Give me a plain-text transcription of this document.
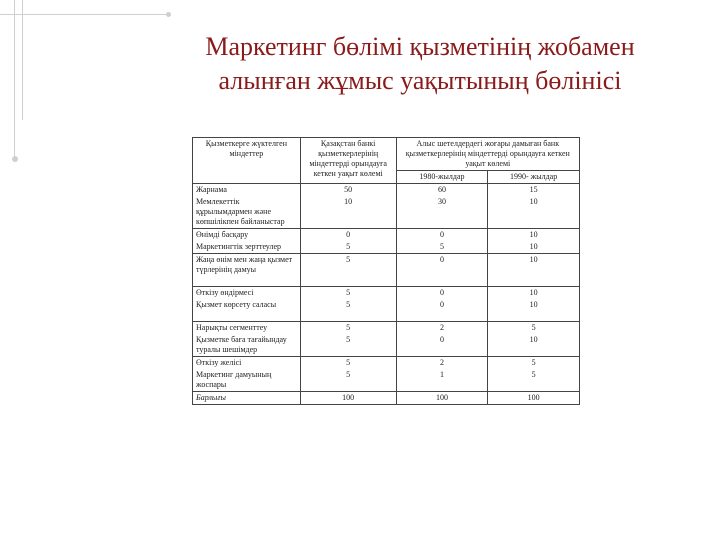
Маркетинг бөлімі қызметінің жобамен
алынған жұмыс уақытының бөлінісі
Қызметкерге жүктелген міндеттер	Қазақстан банкі қызметкерлерінің міндеттерді орындауға кеткен уақыт көлемі	Алыс шетелдердегі жоғары дамыған банк қызметкерлерінің міндеттерді орындауға кеткен уақыт көлемі	
		1980-жылдар	1990- жылдар
Жарнама	50	60	15
Мемлекеттік құрылымдармен және көпшілікпен байланыстар	10	30	10
Өнімді басқару	0	0	10
Маркетингтік зерттеулер	5	5	10
Жаңа өнім мен жаңа қызмет түрлерінің дамуы	5	0	10
Өткізу өндірмесі	5	0	10
Қызмет көрсету саласы	5	0	10
Нарықты сегменттеу	5	2	5
Қызметке баға тағайындау туралы шешімдер	5	0	10
Өткізу желісі	5	2	5
Маркетинг дамуының жоспары	5	1	5
Барлығы	100	100	100
